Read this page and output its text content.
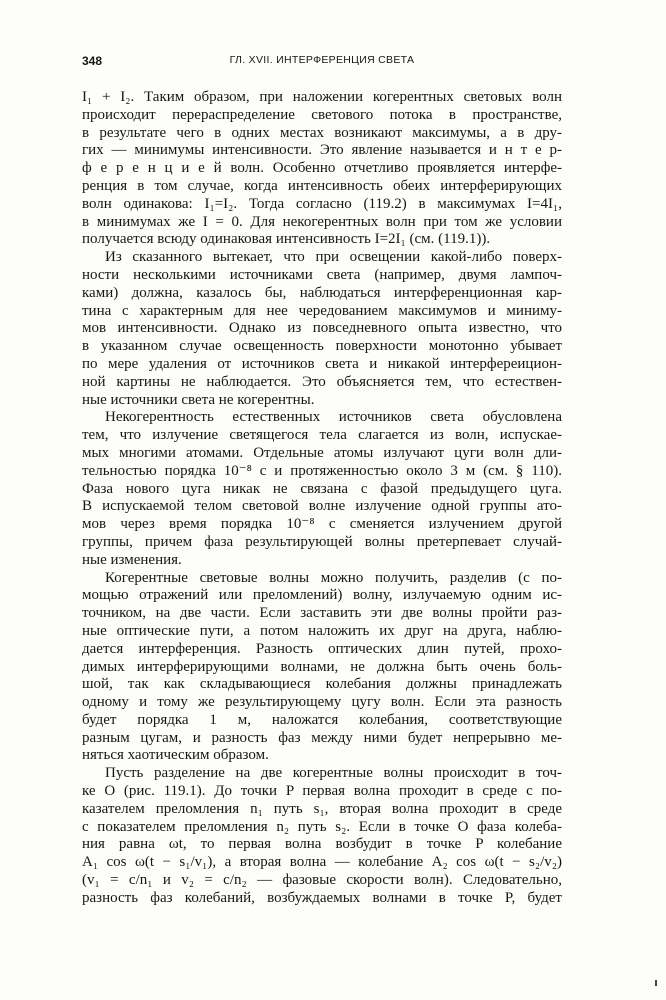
348	ГЛ. XVII. ИНТЕРФЕРЕНЦИЯ СВЕТА
I₁ + I₂. Таким образом, при наложении когерентных световых волн
происходит перераспределение светового потока в пространстве,
в результате чего в одних местах возникают максимумы, а в дру-
гих — минимумы интенсивности. Это явление называется и н т е р-
ф е р е н ц и е й волн. Особенно отчетливо проявляется интерфе-
ренция в том случае, когда интенсивность обеих интерферирующих
волн одинакова: I₁=I₂. Тогда согласно (119.2) в максимумах I=4I₁,
в минимумах же I = 0. Для некогерентных волн при том же условии
получается всюду одинаковая интенсивность I=2I₁ (см. (119.1)).
Из сказанного вытекает, что при освещении какой-либо поверх-
ности несколькими источниками света (например, двумя лампоч-
ками) должна, казалось бы, наблюдаться интерференционная кар-
тина с характерным для нее чередованием максимумов и миниму-
мов интенсивности. Однако из повседневного опыта известно, что
в указанном случае освещенность поверхности монотонно убывает
по мере удаления от источников света и никакой интерфереицион-
ной картины не наблюдается. Это объясняется тем, что естествен-
ные источники света не когерентны.
Некогерентность естественных источников света обусловлена
тем, что излучение светящегося тела слагается из волн, испускае-
мых многими атомами. Отдельные атомы излучают цуги волн дли-
тельностью порядка 10⁻⁸ с и протяженностью около 3 м (см. § 110).
Фаза нового цуга никак не связана с фазой предыдущего цуга.
В испускаемой телом световой волне излучение одной группы ато-
мов через время порядка 10⁻⁸ с сменяется излучением другой
группы, причем фаза результирующей волны претерпевает случай-
ные изменения.
Когерентные световые волны можно получить, разделив (с по-
мощью отражений или преломлений) волну, излучаемую одним ис-
точником, на две части. Если заставить эти две волны пройти раз-
ные оптические пути, а потом наложить их друг на друга, наблю-
дается интерференция. Разность оптических длин путей, прохо-
димых интерферирующими волнами, не должна быть очень боль-
шой, так как складывающиеся колебания должны принадлежать
одному и тому же результирующему цугу волн. Если эта разность
будет порядка 1 м, наложатся колебания, соответствующие
разным цугам, и разность фаз между ними будет непрерывно ме-
няться хаотическим образом.
Пусть разделение на две когерентные волны происходит в точ-
ке O (рис. 119.1). До точки P первая волна проходит в среде с по-
казателем преломления n₁ путь s₁, вторая волна проходит в среде
с показателем преломления n₂ путь s₂. Если в точке O фаза колеба-
ния равна ωt, то первая волна возбудит в точке P колебание
A₁ cos ω(t − s₁/v₁), а вторая волна — колебание A₂ cos ω(t − s₂/v₂)
(v₁ = c/n₁ и v₂ = c/n₂ — фазовые скорости волн). Следовательно,
разность фаз колебаний, возбуждаемых волнами в точке P, будет
